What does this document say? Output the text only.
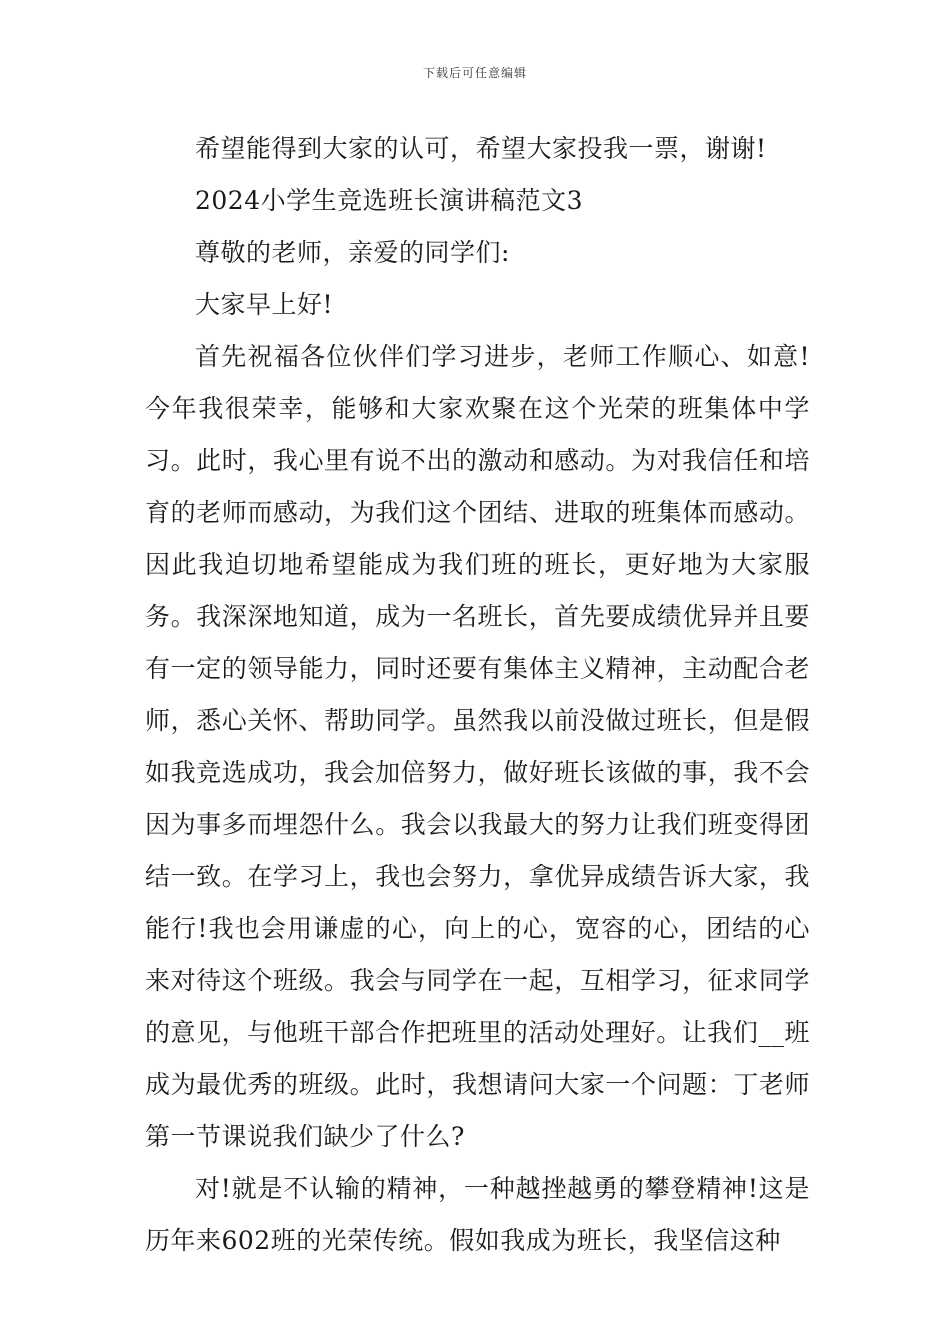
下载后可任意编辑

希望能得到大家的认可，希望大家投我一票，谢谢!

2024小学生竞选班长演讲稿范文3

尊敬的老师，亲爱的同学们:

大家早上好!

首先祝福各位伙伴们学习进步，老师工作顺心、如意!今年我很荣幸，能够和大家欢聚在这个光荣的班集体中学习。此时，我心里有说不出的激动和感动。为对我信任和培育的老师而感动，为我们这个团结、进取的班集体而感动。因此我迫切地希望能成为我们班的班长，更好地为大家服务。我深深地知道，成为一名班长，首先要成绩优异并且要有一定的领导能力，同时还要有集体主义精神，主动配合老师，悉心关怀、帮助同学。虽然我以前没做过班长，但是假如我竞选成功，我会加倍努力，做好班长该做的事，我不会因为事多而埋怨什么。我会以我最大的努力让我们班变得团结一致。在学习上，我也会努力，拿优异成绩告诉大家，我能行!我也会用谦虚的心，向上的心，宽容的心，团结的心来对待这个班级。我会与同学在一起，互相学习，征求同学的意见，与他班干部合作把班里的活动处理好。让我们__班成为最优秀的班级。此时，我想请问大家一个问题：丁老师第一节课说我们缺少了什么?

对!就是不认输的精神，一种越挫越勇的攀登精神!这是历年来602班的光荣传统。假如我成为班长，我坚信这种
